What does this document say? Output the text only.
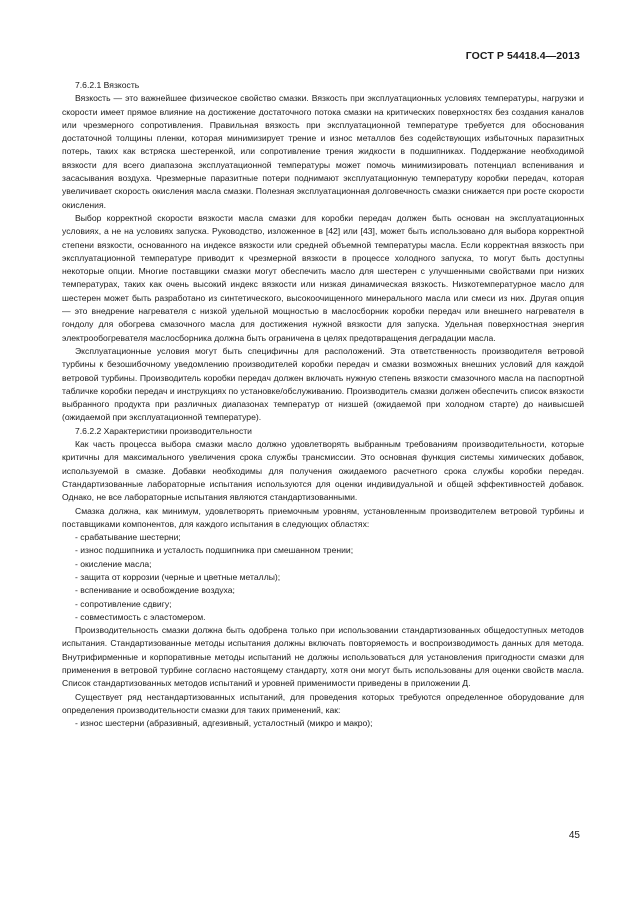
ГОСТ Р 54418.4—2013

7.6.2.1 Вязкость

Вязкость — это важнейшее физическое свойство смазки. Вязкость при эксплуатационных условиях температуры, нагрузки и скорости имеет прямое влияние на достижение достаточного потока смазки на критических поверхностях без создания каналов или чрезмерного сопротивления. Правильная вязкость при эксплуатационной температуре требуется для обоснования достаточной толщины пленки, которая минимизирует трение и износ металлов без содействующих избыточных паразитных потерь, таких как встряска шестеренкой, или сопротивление трения жидкости в подшипниках. Поддержание необходимой вязкости для всего диапазона эксплуатационной температуры может помочь минимизировать потенциал вспенивания и засасывания воздуха. Чрезмерные паразитные потери поднимают эксплуатационную температуру коробки передач, которая увеличивает скорость окисления масла смазки. Полезная эксплуатационная долговечность смазки снижается при росте скорости окисления.

Выбор корректной скорости вязкости масла смазки для коробки передач должен быть основан на эксплуатационных условиях, а не на условиях запуска. Руководство, изложенное в [42] или [43], может быть использовано для выбора корректной степени вязкости, основанного на индексе вязкости или средней объемной температуры масла. Если корректная вязкость при эксплуатационной температуре приводит к чрезмерной вязкости в процессе холодного запуска, то могут быть доступны некоторые опции. Многие поставщики смазки могут обеспечить масло для шестерен с улучшенными свойствами при низких температурах, таких как очень высокий индекс вязкости или низкая динамическая вязкость. Низкотемпературное масло для шестерен может быть разработано из синтетического, высокоочищенного минерального масла или смеси из них. Другая опция — это внедрение нагревателя с низкой удельной мощностью в маслосборник коробки передач или внешнего нагревателя в гондолу для обогрева смазочного масла для достижения нужной вязкости для запуска. Удельная поверхностная энергия электрообогревателя маслосборника должна быть ограничена в целях предотвращения деградации масла.

Эксплуатационные условия могут быть специфичны для расположений. Эта ответственность производителя ветровой турбины к безошибочному уведомлению производителей коробки передач и смазки возможных внешних условий для каждой ветровой турбины. Производитель коробки передач должен включать нужную степень вязкости смазочного масла на паспортной табличке коробки передач и инструкциях по установке/обслуживанию. Производитель смазки должен обеспечить список вязкости выбранного продукта при различных диапазонах температур от низшей (ожидаемой при холодном старте) до наивысшей (ожидаемой при эксплуатационной температуре).

7.6.2.2 Характеристики производительности

Как часть процесса выбора смазки масло должно удовлетворять выбранным требованиям производительности, которые критичны для максимального увеличения срока службы трансмиссии. Это основная функция системы химических добавок, используемой в смазке. Добавки необходимы для получения ожидаемого расчетного срока службы коробки передач. Стандартизованные лабораторные испытания используются для оценки индивидуальной и общей эффективностей добавок. Однако, не все лабораторные испытания являются стандартизованными.

Смазка должна, как минимум, удовлетворять приемочным уровням, установленным производителем ветровой турбины и поставщиками компонентов, для каждого испытания в следующих областях:

- срабатывание шестерни;
- износ подшипника и усталость подшипника при смешанном трении;
- окисление масла;
- защита от коррозии (черные и цветные металлы);
- вспенивание и освобождение воздуха;
- сопротивление сдвигу;
- совместимость с эластомером.

Производительность смазки должна быть одобрена только при использовании стандартизованных общедоступных методов испытания. Стандартизованные методы испытания должны включать повторяемость и воспроизводимость данных для метода. Внутрифирменные и корпоративные методы испытаний не должны использоваться для установления пригодности смазки для применения в ветровой турбине согласно настоящему стандарту, хотя они могут быть использованы для оценки свойств масла. Список стандартизованных методов испытаний и уровней применимости приведены в приложении Д.

Существует ряд нестандартизованных испытаний, для проведения которых требуются определенное оборудование для определения производительности смазки для таких применений, как:

- износ шестерни (абразивный, адгезивный, усталостный (микро и макро);
45
